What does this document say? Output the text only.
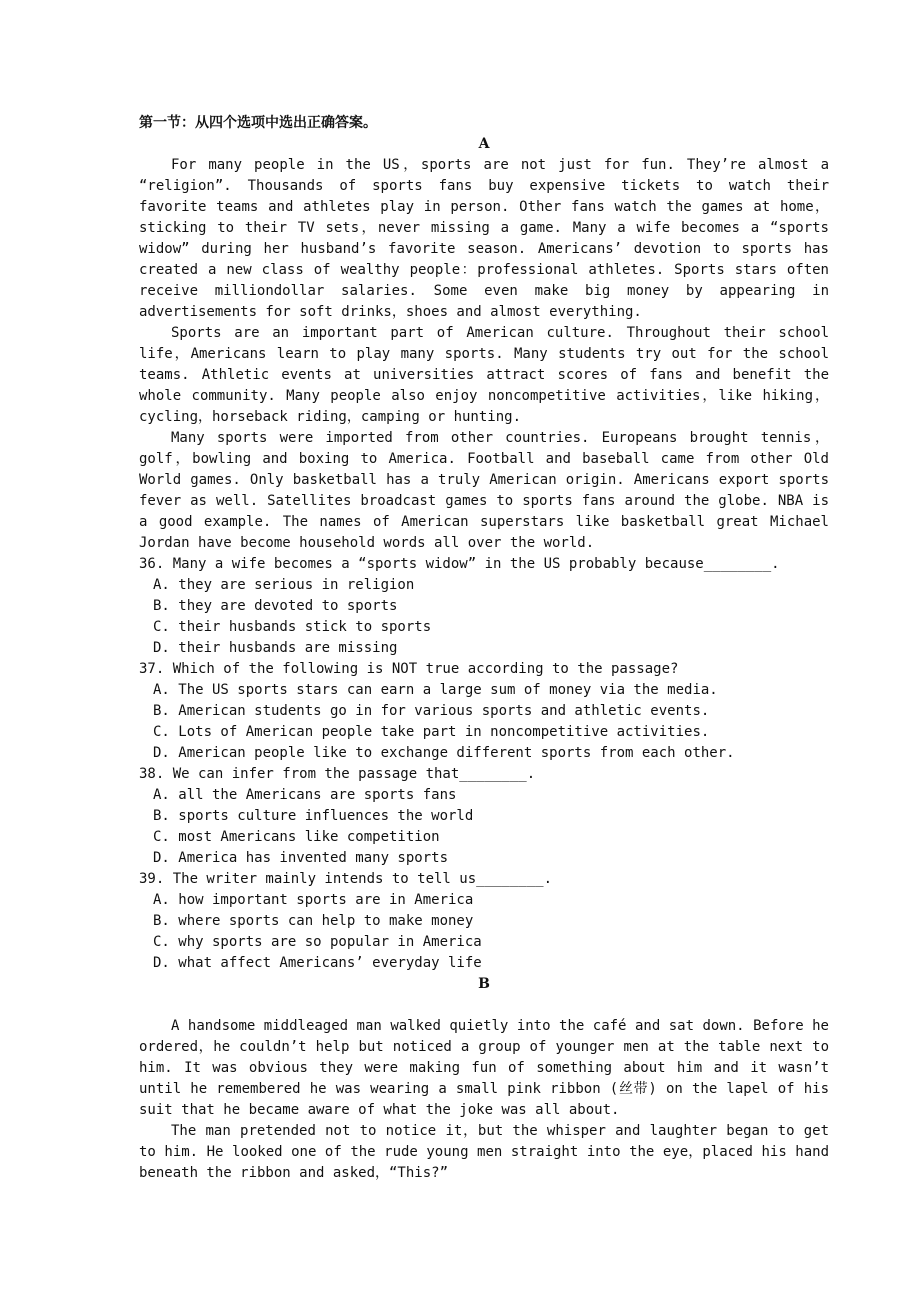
第一节：从四个选项中选出正确答案。
A

For many people in the US，sports are not just for fun. They’re almost a “religion”. Thousands of sports fans buy expensive tickets to watch their favorite teams and athletes play in person. Other fans watch the games at home，sticking to their TV sets，never missing a game. Many a wife becomes a “sports widow” during her husband’s favorite season. Americans’ devotion to sports has created a new class of wealthy people：professional athletes. Sports stars often receive milliondollar salaries. Some even make big money by appearing in advertisements for soft drinks，shoes and almost everything.

Sports are an important part of American culture. Throughout their school life，Americans learn to play many sports. Many students try out for the school teams. Athletic events at universities attract scores of fans and benefit the whole community. Many people also enjoy noncompetitive activities，like hiking，cycling，horseback riding，camping or hunting.

Many sports were imported from other countries. Europeans brought tennis，golf，bowling and boxing to America. Football and baseball came from other Old World games. Only basketball has a truly American origin. Americans export sports fever as well. Satellites broadcast games to sports fans around the globe. NBA is a good example. The names of American superstars like basketball great Michael Jordan have become household words all over the world.

36. Many a wife becomes a “sports widow” in the US probably because________.

A. they are serious in religion

B. they are devoted to sports

C. their husbands stick to sports

D. their husbands are missing

37. Which of the following is NOT true according to the passage?

A. The US sports stars can earn a large sum of money via the media.

B. American students go in for various sports and athletic events.

C. Lots of American people take part in noncompetitive activities.

D. American people like to exchange different sports from each other.

38. We can infer from the passage that________.

A. all the Americans are sports fans

B. sports culture influences the world

C. most Americans like competition

D. America has invented many sports

39. The writer mainly intends to tell us________.

A. how important sports are in America

B. where sports can help to make money

C. why sports are so popular in America

D. what affect Americans’ everyday life

B

A handsome middleaged man walked quietly into the café and sat down. Before he ordered，he couldn’t help but noticed a group of younger men at the table next to him. It was obvious they were making fun of something about him and it wasn’t until he remembered he was wearing a small pink ribbon (丝带) on the lapel of his suit that he became aware of what the joke was all about.

The man pretended not to notice it，but the whisper and laughter began to get to him. He looked one of the rude young men straight into the eye，placed his hand beneath the ribbon and asked，“This?”
